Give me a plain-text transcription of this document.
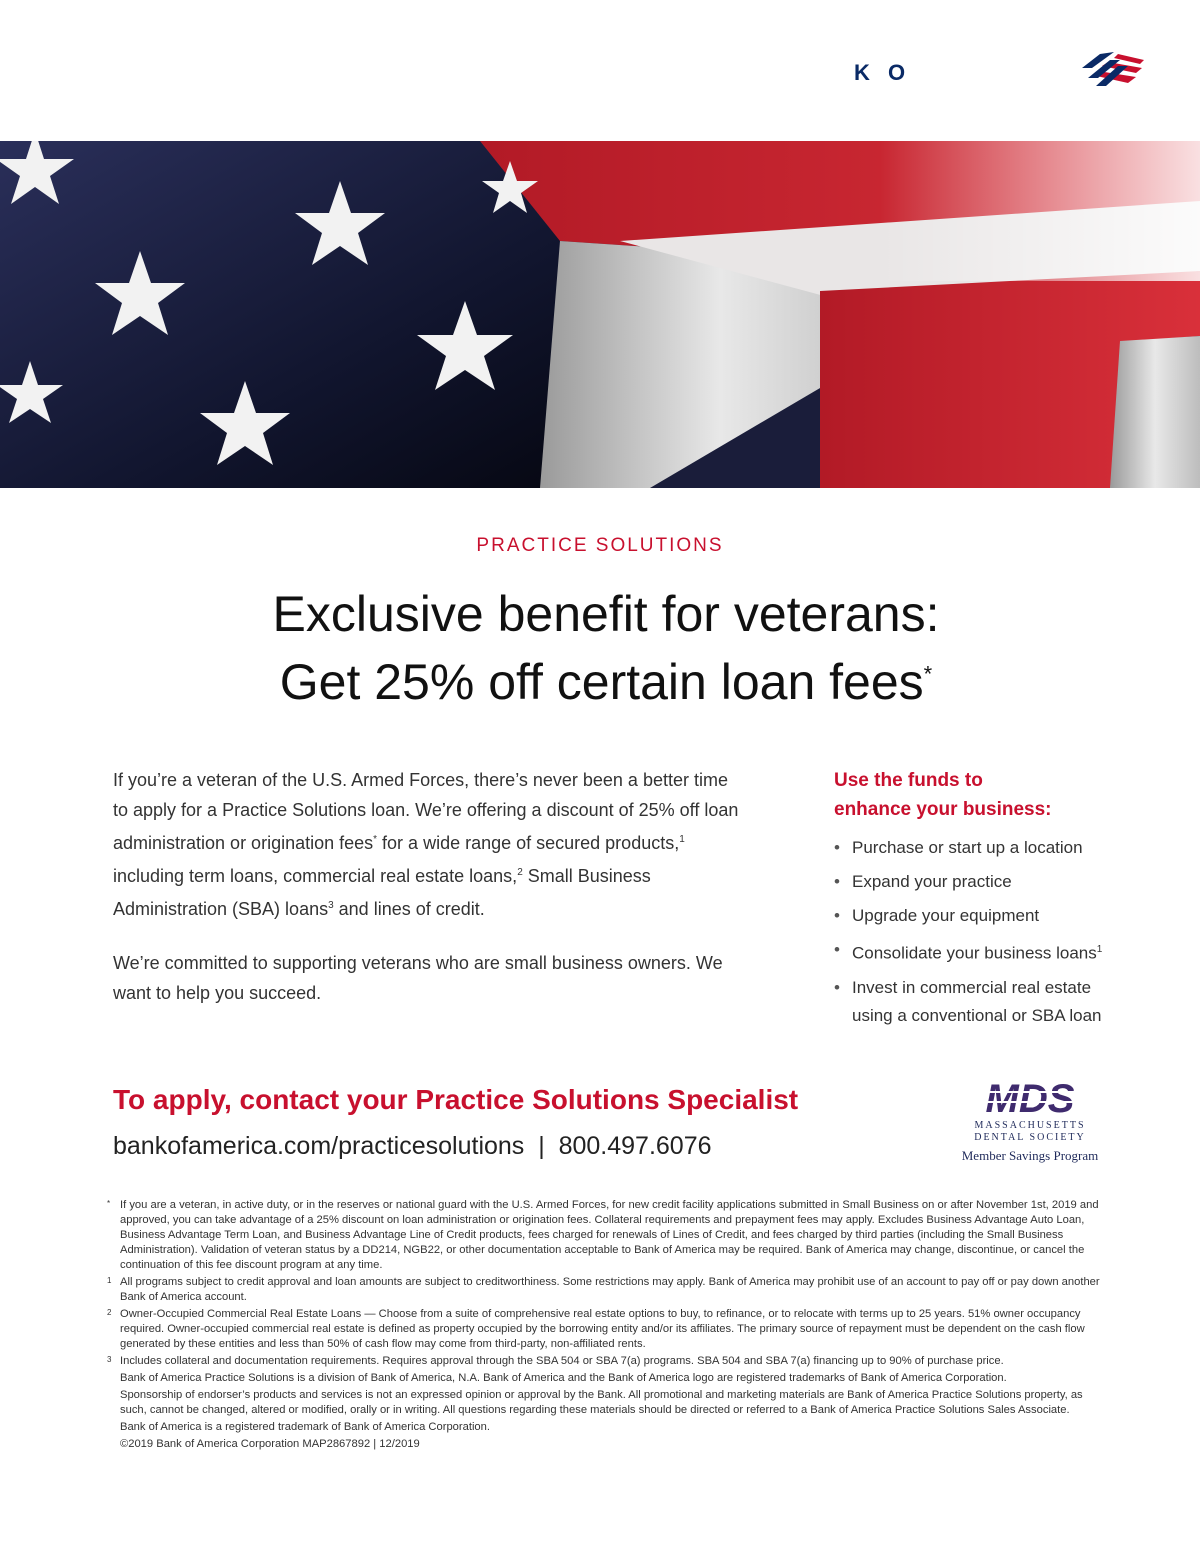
K O
PRACTICE SOLUTIONS
Exclusive benefit for veterans:
Get 25% off certain loan fees*

If you’re a veteran of the U.S. Armed Forces, there’s never been a better time to apply for a Practice Solutions loan. We’re offering a discount of 25% off loan administration or origination fees* for a wide range of secured products,$^1$ including term loans, commercial real estate loans,$^2$ Small Business Administration (SBA) loans$^3$ and lines of credit.

We’re committed to supporting veterans who are small business owners. We want to help you succeed.

Use the funds to
enhance your business:
• Purchase or start up a location
• Expand your practice
• Upgrade your equipment
• Consolidate your business loans$^1$
• Invest in commercial real estate using a conventional or SBA loan
To apply, contact your Practice Solutions Specialist
bankofamerica.com/practicesolutions  |  800.497.6076
MDS
MASSACHUSETTS
DENTAL SOCIETY
Member Savings Program
* If you are a veteran, in active duty, or in the reserves or national guard with the U.S. Armed Forces, for new credit facility applications submitted in Small Business on or after November 1st, 2019 and approved, you can take advantage of a 25% discount on loan administration or origination fees. Collateral requirements and prepayment fees may apply. Excludes Business Advantage Auto Loan, Business Advantage Term Loan, and Business Advantage Line of Credit products, fees charged for renewals of Lines of Credit, and fees charged by third parties (including the Small Business Administration). Validation of veteran status by a DD214, NGB22, or other documentation acceptable to Bank of America may be required. Bank of America may change, discontinue, or cancel the continuation of this fee discount program at any time.
1 All programs subject to credit approval and loan amounts are subject to creditworthiness. Some restrictions may apply. Bank of America may prohibit use of an account to pay off or pay down another Bank of America account.
2 Owner-Occupied Commercial Real Estate Loans — Choose from a suite of comprehensive real estate options to buy, to refinance, or to relocate with terms up to 25 years. 51% owner occupancy required. Owner-occupied commercial real estate is defined as property occupied by the borrowing entity and/or its affiliates. The primary source of repayment must be dependent on the cash flow generated by these entities and less than 50% of cash flow may come from third-party, non-affiliated rents.
3 Includes collateral and documentation requirements. Requires approval through the SBA 504 or SBA 7(a) programs. SBA 504 and SBA 7(a) financing up to 90% of purchase price.
Bank of America Practice Solutions is a division of Bank of America, N.A. Bank of America and the Bank of America logo are registered trademarks of Bank of America Corporation.
Sponsorship of endorser’s products and services is not an expressed opinion or approval by the Bank. All promotional and marketing materials are Bank of America Practice Solutions property, as such, cannot be changed, altered or modified, orally or in writing. All questions regarding these materials should be directed or referred to a Bank of America Practice Solutions Sales Associate.
Bank of America is a registered trademark of Bank of America Corporation.
©2019 Bank of America Corporation MAP2867892 | 12/2019
